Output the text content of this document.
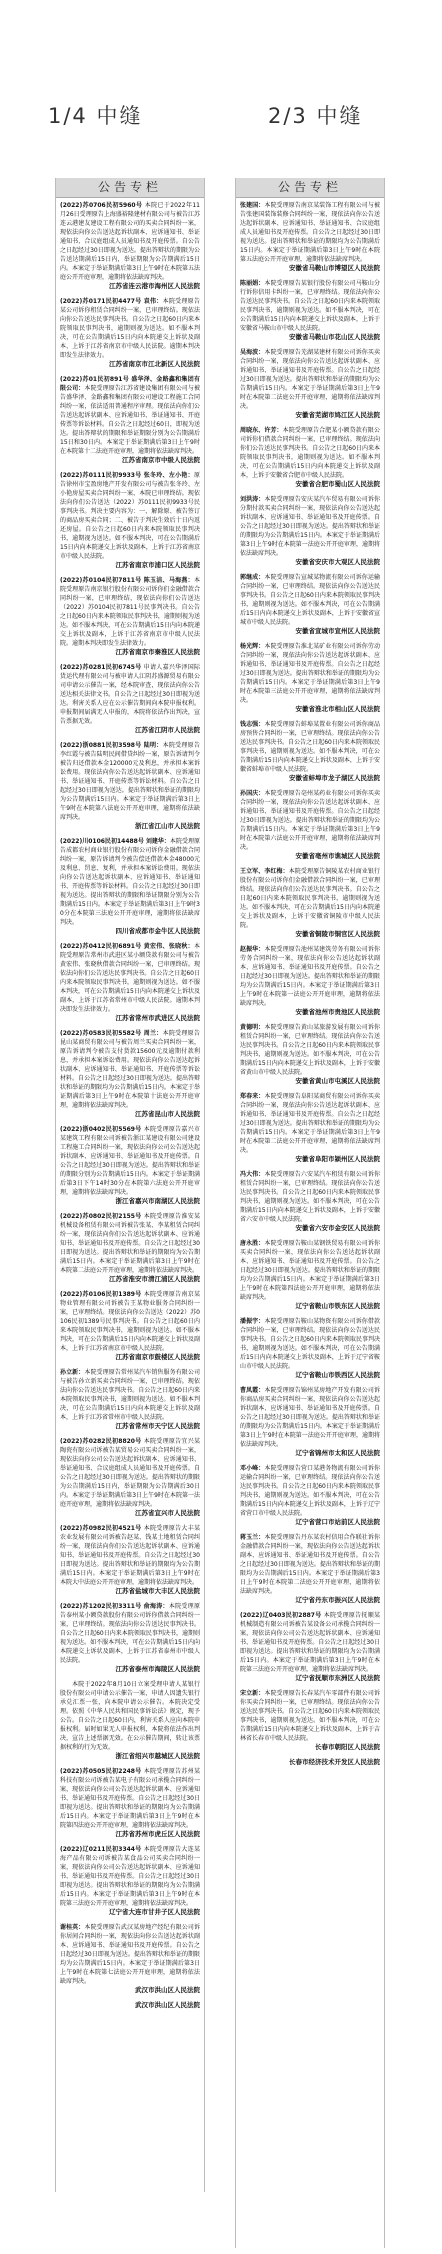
1/4 中缝	2/3 中缝
公告专栏

(2022)苏0706民初5960号 本院已于2022年11月26日受理原告上海盛裕隆建材有限公司与被告江苏连云港建友建设工程有限公司的买卖合同纠纷一案，现依法向你公告送达起诉状副本、应诉通知书、举证通知书、合议庭组成人员通知书及开庭传票。自公告之日起经过30日即视为送达。提出答辩状的期限为公告送达期满后15日内，举证期限为公告期满后15日内。本案定于举证期满后第3日上午9时在本院第五法庭公开开庭审理，逾期将依法缺席判决。

江苏省连云港市海州区人民法院

(2022)苏0171民初4477号 袁伟：本院受理原告某公司诉你租赁合同纠纷一案，已审理终结。现依法向你公告送达民事判决书。自公告之日起60日内来本院领取民事判决书，逾期则视为送达。如不服本判决，可在公告期满后15日内向本院递交上诉状及副本，上诉于江苏省南京市中级人民法院。逾期本判决即发生法律效力。

江苏省南京市江北新区人民法院

(2022)苏01民初891号 盛华泽、金路鑫和集团有限公司：本院受理原告江苏省建设集团有限公司与被告盛华泽、金路鑫和集团有限公司建设工程施工合同纠纷一案，依法适用普通程序审理。现依法向你们公告送达起诉状副本、应诉通知书、举证通知书、开庭传票等诉讼材料。自公告之日起经过60日，即视为送达。提出答辩状的期限和举证期限分别为公告期满后15日和30日内。本案定于举证期满后第3日上午9时在本院第十二法庭开庭审理，逾期将依法缺席判决。

江苏省南京市中级人民法院

(2022)苏0111民初9933号 张冬玲、左小艳：原告徐州市宝盈房地产开发有限公司与被告张冬玲、左小艳房屋买卖合同纠纷一案，本院已审理终结。现依法向你们公告送达（2022）苏0111民初9933号民事判决书。判决主要内容为：一、解除原、被告签订的商品房买卖合同；二、被告于判决生效后十日内返还房屋。自公告之日起60日内来本院领取民事判决书，逾期视为送达。如不服本判决，可在公告期满后15日内向本院递交上诉状及副本，上诉于江苏省南京市中级人民法院。

江苏省南京市浦口区人民法院

(2022)苏0104民初7811号 陈玉洁、马海燕：本院受理原告南京银行股份有限公司诉你们金融借款合同纠纷一案，已审理终结，现依法向你们公告送达（2022）苏0104民初7811号民事判决书。自公告之日起60日内来本院领取民事判决书，逾期则视为送达。如不服本判决，可在公告期满后15日内向本院递交上诉状及副本，上诉于江苏省南京市中级人民法院。逾期本判决即发生法律效力。

江苏省南京市秦淮区人民法院

(2022)苏0281民初6745号 申请人嘉兴华泽国际货运代理有限公司与被申请人江阴苏盛源贸易有限公司申请公示催告一案，经本院审查，现依法向你公告送达相关法律文书。自公告之日起经过30日即视为送达。利害关系人应在公示催告期间向本院申报权利。申报期间届满无人申报的，本院将依法作出判决，宣告票据无效。

江苏省江阴市人民法院

(2022)浙0881民初3598号 陆明：本院受理原告李红霞与被告陆明民间借贷纠纷一案，原告诉请判令被告归还借款本金120000元及利息，并承担本案诉讼费用。现依法向你公告送达起诉状副本、应诉通知书、举证通知书、开庭传票等诉讼材料。自公告之日起经过30日即视为送达。提出答辩状和举证的期限均为公告期满后15日内。本案定于举证期满后第3日上午9时在本院第八法庭公开开庭审理，逾期将依法缺席判决。

浙江省江山市人民法院

(2022)川0106民初14488号 刘建华：本院受理原告成都农村商业银行股份有限公司诉你金融借款合同纠纷一案，原告诉请判令被告偿还借款本金48000元及利息、罚息、复利，并承担本案诉讼费用。现依法向你公告送达起诉状副本、应诉通知书、举证通知书、开庭传票等诉讼材料。自公告之日起经过30日即视为送达。提出答辩状的期限和举证期限分别为公告期满后15日内。本案定于举证期满后第3日上午9时30分在本院第三法庭公开开庭审理，逾期将依法缺席判决。

四川省成都市金牛区人民法院

(2022)苏0412民初6891号 黄宏伟、张晓秋：本院受理原告常州市武进区某小额贷款有限公司与被告黄宏伟、张晓秋借款合同纠纷一案，已审理终结。现依法向你们公告送达民事判决书。自公告之日起60日内来本院领取民事判决书，逾期则视为送达。如不服本判决，可在公告期满后15日内向本院递交上诉状及副本，上诉于江苏省常州市中级人民法院。逾期本判决即发生法律效力。

江苏省常州市武进区人民法院

(2022)苏0583民初5582号 周兰：本院受理原告昆山某商贸有限公司与被告周兰买卖合同纠纷一案，原告诉请判令被告支付货款15600元及逾期付款利息，并承担本案诉讼费用。现依法向你公告送达起诉状副本、应诉通知书、举证通知书、开庭传票等诉讼材料。自公告之日起经过30日即视为送达。提出答辩状和举证的期限均为公告期满后15日内。本案定于举证期满后第3日上午9时在本院第十法庭公开开庭审理，逾期将依法缺席判决。

江苏省昆山市人民法院

(2022)浙0402民初5569号 本院受理原告嘉兴市某建筑工程有限公司诉被告浙江某建设有限公司建设工程施工合同纠纷一案，现依法向你公司公告送达起诉状副本、应诉通知书、举证通知书及开庭传票。自公告之日起经过30日即视为送达。提出答辩状和举证的期限分别为公告期满后15日内。本案定于举证期满后第3日下午14时30分在本院第六法庭公开开庭审理，逾期将依法缺席判决。

浙江省嘉兴市南湖区人民法院

(2022)苏0802民初2155号 本院受理原告淮安某机械设备租赁有限公司诉被告张某、李某租赁合同纠纷一案，现依法向你们公告送达起诉状副本、应诉通知书、举证通知书及开庭传票。自公告之日起经过30日即视为送达。提出答辩状和举证的期限均为公告期满后15日内。本案定于举证期满后第3日上午9时在本院第二法庭公开开庭审理，逾期将依法缺席判决。

江苏省淮安市清江浦区人民法院

(2022)苏0106民初1389号 本院受理原告南京某物业管理有限公司诉被告王某物业服务合同纠纷一案，已审理终结。现依法向你公告送达（2022）苏0106民初1389号民事判决书。自公告之日起60日内来本院领取民事判决书，逾期则视为送达。如不服本判决，可在公告期满后15日内向本院递交上诉状及副本，上诉于江苏省南京市中级人民法院。

江苏省南京市鼓楼区人民法院

孙立新：本院受理原告常州某汽车销售服务有限公司与被告孙立新买卖合同纠纷一案，已审理终结。现依法向你公告送达民事判决书。自公告之日起60日内来本院领取民事判决书，逾期则视为送达。如不服本判决，可在公告期满后15日内向本院递交上诉状及副本，上诉于江苏省常州市中级人民法院。

江苏省常州市天宁区人民法院

(2022)苏0282民初8820号 本院受理原告宜兴某陶瓷有限公司诉被告某贸易公司买卖合同纠纷一案，现依法向你公司公告送达起诉状副本、应诉通知书、举证通知书、合议庭组成人员通知书及开庭传票。自公告之日起经过30日即视为送达。提出答辩状的期限为公告期满后15日内，举证期限为公告期满后30日内。本案定于举证期满后第3日上午9时在本院第一法庭开庭审理，逾期将依法缺席判决。

江苏省宜兴市人民法院

(2022)苏0982民初4521号 本院受理原告大丰某农业发展有限公司诉被告赵某、钱某土地租赁合同纠纷一案，现依法向你们公告送达起诉状副本、应诉通知书、举证通知书及开庭传票。自公告之日起经过30日即视为送达。提出答辩状和举证的期限均为公告期满后15日内。本案定于举证期满后第3日上午9时在本院大中法庭公开开庭审理，逾期将依法缺席判决。

江苏省盐城市大丰区人民法院

(2022)苏1202民初3311号 俞海涛：本院受理原告泰州某小额贷款股份有限公司诉你借款合同纠纷一案，已审理终结。现依法向你公告送达民事判决书。自公告之日起60日内来本院领取民事判决书，逾期则视为送达。如不服本判决，可在公告期满后15日内向本院递交上诉状及副本，上诉于江苏省泰州市中级人民法院。

江苏省泰州市海陵区人民法院

本院于2022年8月10日立案受理申请人某银行股份有限公司申请公示催告一案，申请人因遗失银行承兑汇票一张，向本院申请公示催告。本院决定受理。依照《中华人民共和国民事诉讼法》规定，现予公告。自公告之日起60日内，利害关系人应向本院申报权利。届时如果无人申报权利，本院将依法作出判决，宣告上述票据无效。在公示催告期间，转让该票据权利的行为无效。

浙江省绍兴市越城区人民法院

(2022)苏0505民初2248号 本院受理原告苏州某科技有限公司诉被告某电子有限公司承揽合同纠纷一案，现依法向你公司公告送达起诉状副本、应诉通知书、举证通知书及开庭传票。自公告之日起经过30日即视为送达。提出答辩状和举证的期限均为公告期满后15日内。本案定于举证期满后第3日上午9时在本院第四法庭公开开庭审理，逾期将依法缺席判决。

江苏省苏州市虎丘区人民法院

(2022)辽0211民初3344号 本院受理原告大连某海产品有限公司诉被告某食品公司买卖合同纠纷一案，现依法向你公司公告送达起诉状副本、应诉通知书、举证通知书及开庭传票。自公告之日起经过30日即视为送达。提出答辩状和举证的期限均为公告期满后15日内。本案定于举证期满后第3日上午9时在本院第三法庭公开开庭审理，逾期将依法缺席判决。

辽宁省大连市甘井子区人民法院

谢桂英：本院受理原告武汉某房地产经纪有限公司诉你居间合同纠纷一案，现依法向你公告送达起诉状副本、应诉通知书、举证通知书及开庭传票。自公告之日起经过30日即视为送达。提出答辩状和举证的期限均为公告期满后15日内。本案定于举证期满后第3日上午9时在本院第七法庭公开开庭审理，逾期将依法缺席判决。

武汉市洪山区人民法院

武汉市洪山区人民法院
公告专栏

张建国：本院受理原告南京某装饰工程有限公司与被告张建国装饰装修合同纠纷一案，现依法向你公告送达起诉状副本、应诉通知书、举证通知书、合议庭组成人员通知书及开庭传票。自公告之日起经过30日即视为送达。提出答辩状和举证的期限均为公告期满后15日内。本案定于举证期满后第3日上午9时在本院第五法庭公开开庭审理，逾期将依法缺席判决。

安徽省马鞍山市博望区人民法院

陈丽娟：本院受理原告某银行股份有限公司马鞍山分行诉你信用卡纠纷一案，已审理终结。现依法向你公告送达民事判决书。自公告之日起60日内来本院领取民事判决书，逾期则视为送达。如不服本判决，可在公告期满后15日内向本院递交上诉状及副本，上诉于安徽省马鞍山市中级人民法院。

安徽省马鞍山市花山区人民法院

吴海波：本院受理原告芜湖某建材有限公司诉你买卖合同纠纷一案，现依法向你公告送达起诉状副本、应诉通知书、举证通知书及开庭传票。自公告之日起经过30日即视为送达。提出答辩状和举证的期限均为公告期满后15日内。本案定于举证期满后第3日上午9时在本院第二法庭公开开庭审理，逾期将依法缺席判决。

安徽省芜湖市鸠江区人民法院

周晓东、许芳：本院受理原告合肥某小额贷款有限公司诉你们借款合同纠纷一案，已审理终结。现依法向你们公告送达民事判决书。自公告之日起60日内来本院领取民事判决书，逾期则视为送达。如不服本判决，可在公告期满后15日内向本院递交上诉状及副本，上诉于安徽省合肥市中级人民法院。

安徽省合肥市蜀山区人民法院

刘洪涛：本院受理原告安庆某汽车贸易有限公司诉你分期付款买卖合同纠纷一案，现依法向你公告送达起诉状副本、应诉通知书、举证通知书及开庭传票。自公告之日起经过30日即视为送达。提出答辩状和举证的期限均为公告期满后15日内。本案定于举证期满后第3日上午9时在本院第一法庭公开开庭审理，逾期将依法缺席判决。

安徽省安庆市大观区人民法院

郭继成：本院受理原告宣城某物流有限公司诉你运输合同纠纷一案，已审理终结。现依法向你公告送达民事判决书。自公告之日起60日内来本院领取民事判决书，逾期则视为送达。如不服本判决，可在公告期满后15日内向本院递交上诉状及副本，上诉于安徽省宣城市中级人民法院。

安徽省宣城市宣州区人民法院

杨光辉：本院受理原告淮北某矿业有限公司诉你劳动合同纠纷一案，现依法向你公告送达起诉状副本、应诉通知书、举证通知书及开庭传票。自公告之日起经过30日即视为送达。提出答辩状和举证的期限均为公告期满后15日内。本案定于举证期满后第3日上午9时在本院第三法庭公开开庭审理，逾期将依法缺席判决。

安徽省淮北市相山区人民法院

钱志强：本院受理原告蚌埠某置业有限公司诉你商品房预售合同纠纷一案，已审理终结。现依法向你公告送达民事判决书。自公告之日起60日内来本院领取民事判决书，逾期则视为送达。如不服本判决，可在公告期满后15日内向本院递交上诉状及副本，上诉于安徽省蚌埠市中级人民法院。

安徽省蚌埠市龙子湖区人民法院

孙国庆：本院受理原告亳州某药业有限公司诉你买卖合同纠纷一案，现依法向你公告送达起诉状副本、应诉通知书、举证通知书及开庭传票。自公告之日起经过30日即视为送达。提出答辩状和举证的期限均为公告期满后15日内。本案定于举证期满后第3日上午9时在本院第六法庭公开开庭审理，逾期将依法缺席判决。

安徽省亳州市谯城区人民法院

王立军、李红梅：本院受理原告铜陵某农村商业银行股份有限公司诉你们金融借款合同纠纷一案，已审理终结。现依法向你们公告送达民事判决书。自公告之日起60日内来本院领取民事判决书，逾期则视为送达。如不服本判决，可在公告期满后15日内向本院递交上诉状及副本，上诉于安徽省铜陵市中级人民法院。

安徽省铜陵市铜官区人民法院

赵振华：本院受理原告池州某建筑劳务有限公司诉你劳务合同纠纷一案，现依法向你公告送达起诉状副本、应诉通知书、举证通知书及开庭传票。自公告之日起经过30日即视为送达。提出答辩状和举证的期限均为公告期满后15日内。本案定于举证期满后第3日上午9时在本院第一法庭公开开庭审理，逾期将依法缺席判决。

安徽省池州市贵池区人民法院

黄德明：本院受理原告黄山某旅游发展有限公司诉你租赁合同纠纷一案，已审理终结。现依法向你公告送达民事判决书。自公告之日起60日内来本院领取民事判决书，逾期则视为送达。如不服本判决，可在公告期满后15日内向本院递交上诉状及副本，上诉于安徽省黄山市中级人民法院。

安徽省黄山市屯溪区人民法院

郑春来：本院受理原告阜阳某商贸有限公司诉你买卖合同纠纷一案，现依法向你公告送达起诉状副本、应诉通知书、举证通知书及开庭传票。自公告之日起经过30日即视为送达。提出答辩状和举证的期限均为公告期满后15日内。本案定于举证期满后第3日上午9时在本院第二法庭公开开庭审理，逾期将依法缺席判决。

安徽省阜阳市颍州区人民法院

冯大伟：本院受理原告六安某汽车租赁有限公司诉你租赁合同纠纷一案，已审理终结。现依法向你公告送达民事判决书。自公告之日起60日内来本院领取民事判决书，逾期则视为送达。如不服本判决，可在公告期满后15日内向本院递交上诉状及副本，上诉于安徽省六安市中级人民法院。

安徽省六安市金安区人民法院

唐永胜：本院受理原告鞍山某钢铁贸易有限公司诉你买卖合同纠纷一案，现依法向你公告送达起诉状副本、应诉通知书、举证通知书及开庭传票。自公告之日起经过30日即视为送达。提出答辩状和举证的期限均为公告期满后15日内。本案定于举证期满后第3日上午9时在本院第四法庭公开开庭审理，逾期将依法缺席判决。

辽宁省鞍山市铁东区人民法院

潘振宇：本院受理原告鞍山某物资有限公司诉你借款合同纠纷一案，已审理终结。现依法向你公告送达民事判决书。自公告之日起60日内来本院领取民事判决书，逾期则视为送达。如不服本判决，可在公告期满后15日内向本院递交上诉状及副本，上诉于辽宁省鞍山市中级人民法院。

辽宁省鞍山市铁西区人民法院

曹凤霞：本院受理原告锦州某房地产开发有限公司诉你商品房买卖合同纠纷一案，现依法向你公告送达起诉状副本、应诉通知书、举证通知书及开庭传票。自公告之日起经过30日即视为送达。提出答辩状和举证的期限均为公告期满后15日内。本案定于举证期满后第3日上午9时在本院第一法庭公开开庭审理，逾期将依法缺席判决。

辽宁省锦州市太和区人民法院

邓小峰：本院受理原告营口某港务物流有限公司诉你运输合同纠纷一案，已审理终结。现依法向你公告送达民事判决书。自公告之日起60日内来本院领取民事判决书，逾期则视为送达。如不服本判决，可在公告期满后15日内向本院递交上诉状及副本，上诉于辽宁省营口市中级人民法院。

辽宁省营口市站前区人民法院

蒋玉兰：本院受理原告丹东某农村信用合作联社诉你金融借款合同纠纷一案，现依法向你公告送达起诉状副本、应诉通知书、举证通知书及开庭传票。自公告之日起经过30日即视为送达。提出答辩状和举证的期限均为公告期满后15日内。本案定于举证期满后第3日上午9时在本院第二法庭公开开庭审理，逾期将依法缺席判决。

辽宁省丹东市振兴区人民法院

(2022)辽0403民初2887号 本院受理原告抚顺某机械制造有限公司诉被告某设备公司承揽合同纠纷一案，现依法向你公司公告送达起诉状副本、应诉通知书、举证通知书及开庭传票。自公告之日起经过30日即视为送达。提出答辩状和举证的期限均为公告期满后15日内。本案定于举证期满后第3日上午9时在本院第三法庭公开开庭审理，逾期将依法缺席判决。

辽宁省抚顺市东洲区人民法院

宋立新：本院受理原告长春某汽车零部件有限公司诉你买卖合同纠纷一案，已审理终结。现依法向你公告送达民事判决书。自公告之日起60日内来本院领取民事判决书，逾期则视为送达。如不服本判决，可在公告期满后15日内向本院递交上诉状及副本，上诉于吉林省长春市中级人民法院。

长春市朝阳区人民法院

长春市经济技术开发区人民法院
